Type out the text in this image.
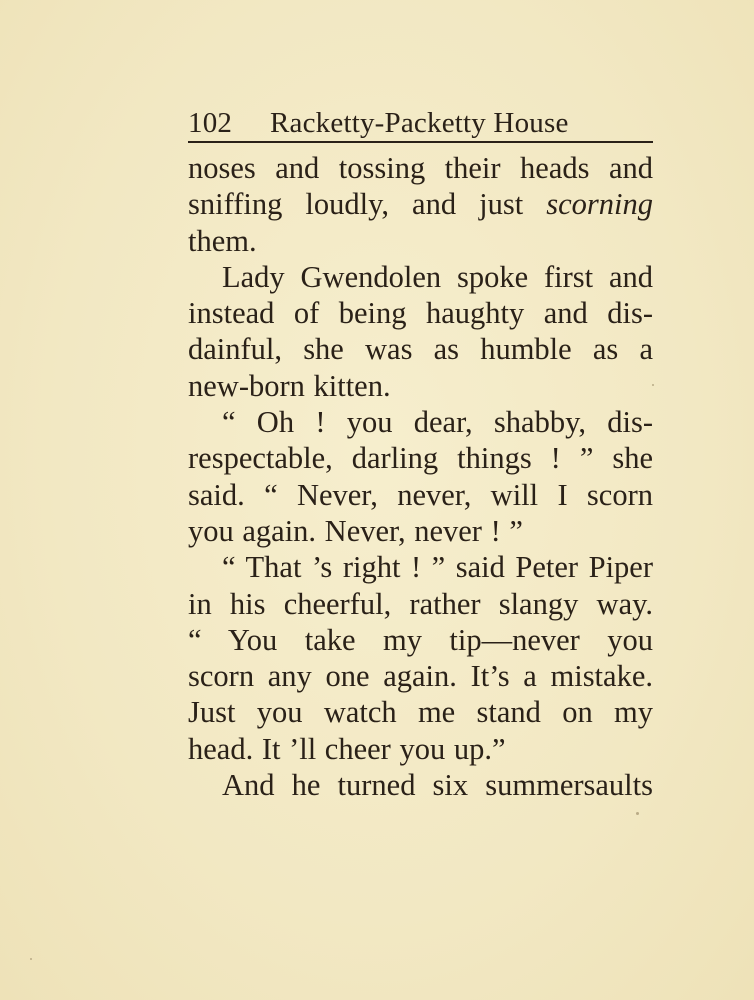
102 Racketty-Packetty House
noses and tossing their heads and
sniffing loudly, and just scorning
them.
Lady Gwendolen spoke first and
instead of being haughty and dis-
dainful, she was as humble as a
new-born kitten.
“ Oh ! you dear, shabby, dis-
respectable, darling things ! ” she
said. “ Never, never, will I scorn
you again. Never, never ! ”
“ That ’s right ! ” said Peter Piper
in his cheerful, rather slangy way.
“ You take my tip—never you
scorn any one again. It’s a mistake.
Just you watch me stand on my
head. It ’ll cheer you up.”
And he turned six summersaults
